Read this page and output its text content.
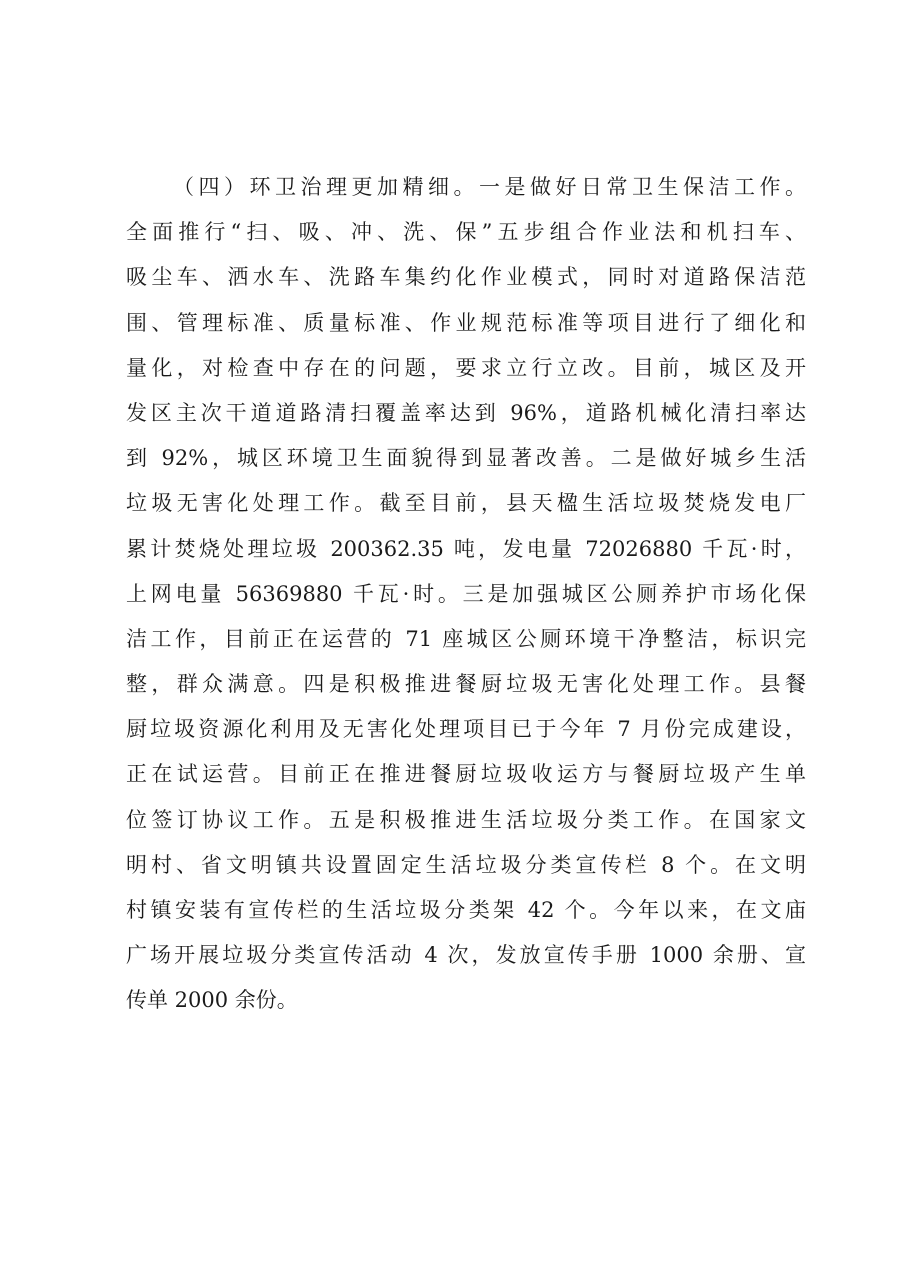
（四）环卫治理更加精细。一是做好日常卫生保洁工作。
全面推行“扫、吸、冲、洗、保”五步组合作业法和机扫车、
吸尘车、洒水车、洗路车集约化作业模式，同时对道路保洁范
围、管理标准、质量标准、作业规范标准等项目进行了细化和
量化，对检查中存在的问题，要求立行立改。目前，城区及开
发区主次干道道路清扫覆盖率达到 96%，道路机械化清扫率达
到 92%，城区环境卫生面貌得到显著改善。二是做好城乡生活
垃圾无害化处理工作。截至目前，县天楹生活垃圾焚烧发电厂
累计焚烧处理垃圾 200362.35 吨，发电量 72026880 千瓦·时，
上网电量 56369880 千瓦·时。三是加强城区公厕养护市场化保
洁工作，目前正在运营的 71 座城区公厕环境干净整洁，标识完
整，群众满意。四是积极推进餐厨垃圾无害化处理工作。县餐
厨垃圾资源化利用及无害化处理项目已于今年 7 月份完成建设，
正在试运营。目前正在推进餐厨垃圾收运方与餐厨垃圾产生单
位签订协议工作。五是积极推进生活垃圾分类工作。在国家文
明村、省文明镇共设置固定生活垃圾分类宣传栏 8 个。在文明
村镇安装有宣传栏的生活垃圾分类架 42 个。今年以来，在文庙
广场开展垃圾分类宣传活动 4 次，发放宣传手册 1000 余册、宣
传单 2000 余份。
